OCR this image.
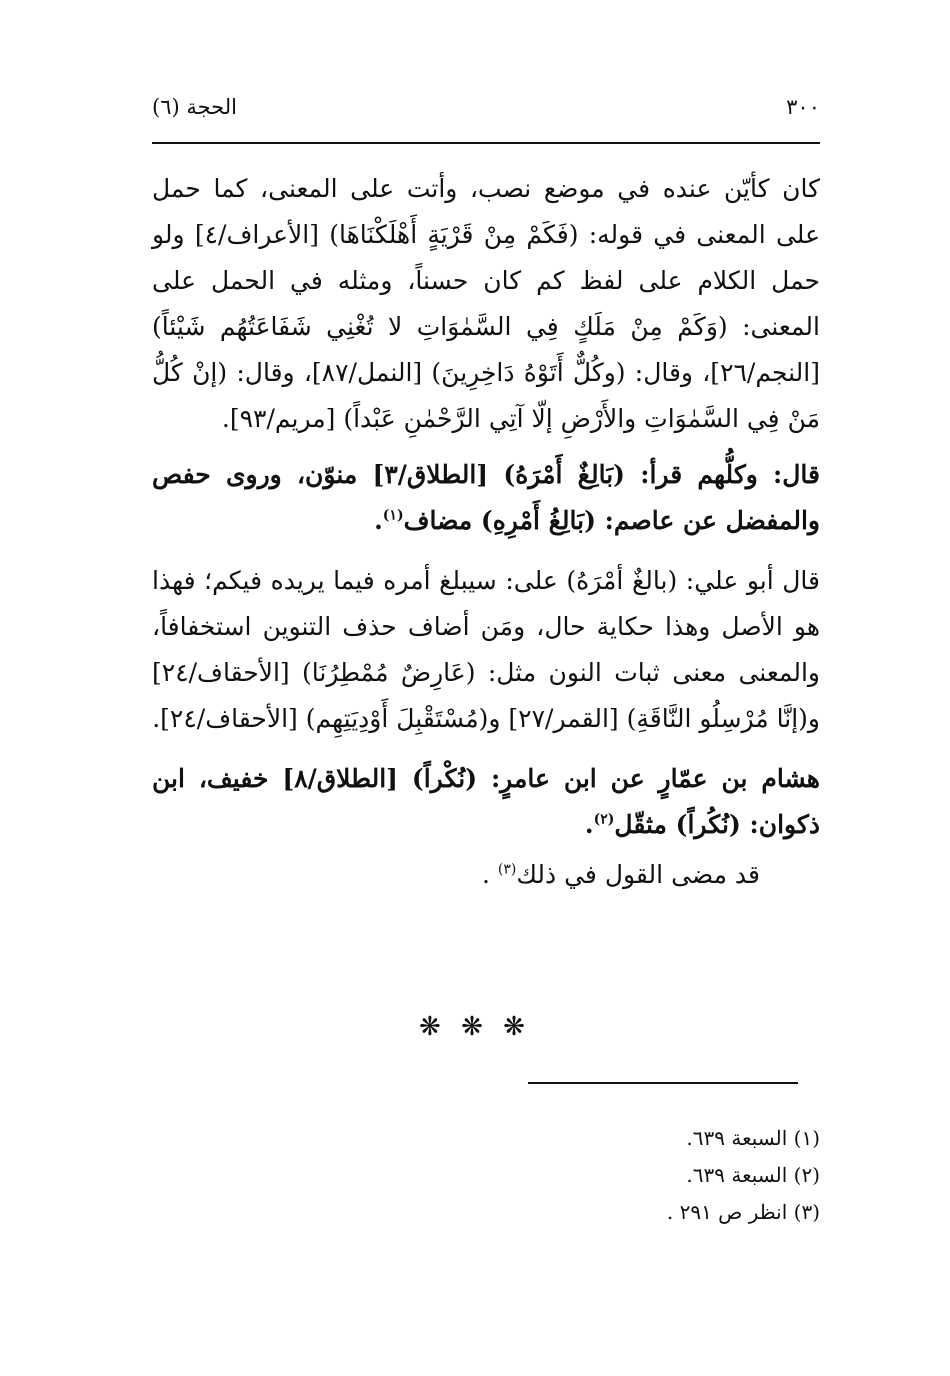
٣٠٠
الحجة (٦)

كان كأيّن عنده في موضع نصب، وأتت على المعنى، كما حمل على المعنى في قوله: (فَكَمْ مِنْ قَرْيَةٍ أَهْلَكْنَاهَا) [الأعراف/٤] ولو حمل الكلام على لفظ كم كان حسناً، ومثله في الحمل على المعنى: (وَكَمْ مِنْ مَلَكٍ فِي السَّمٰوَاتِ لا تُغْنِي شَفَاعَتُهُم شَيْئاً) [النجم/٢٦]، وقال: (وكُلٌّ أَتَوْهُ دَاخِرِينَ) [النمل/٨٧]، وقال: (إنْ كُلُّ مَنْ فِي السَّمٰوَاتِ والأَرْضِ إلّا آتِي الرَّحْمٰنِ عَبْداً) [مريم/٩٣].

قال: وكلُّهم قرأ: (بَالِغٌ أَمْرَهُ) [الطلاق/٣] منوّن، وروى حفص والمفضل عن عاصم: (بَالِغُ أَمْرِهِ) مضاف$^{(١)}$.

قال أبو علي: (بالغٌ أمْرَهُ) على: سيبلغ أمره فيما يريده فيكم؛ فهذا هو الأصل وهذا حكاية حال، ومَن أضاف حذف التنوين استخفافاً، والمعنى معنى ثبات النون مثل: (عَارِضٌ مُمْطِرُنَا) [الأحقاف/٢٤] و(إنَّا مُرْسِلُو النَّاقَةِ) [القمر/٢٧] و(مُسْتَقْبِلَ أَوْدِيَتِهِم) [الأحقاف/٢٤].

هشام بن عمّارٍ عن ابن عامرٍ: (نُكْراً) [الطلاق/٨] خفيف، ابن ذكوان: (نُكُراً) مثقّل$^{(٢)}$.

قد مضى القول في ذلك$^{(٣)}$ .

❋ ❋ ❋
(١) السبعة ٦٣٩.
(٢) السبعة ٦٣٩.
(٣) انظر ص ٢٩١ .
